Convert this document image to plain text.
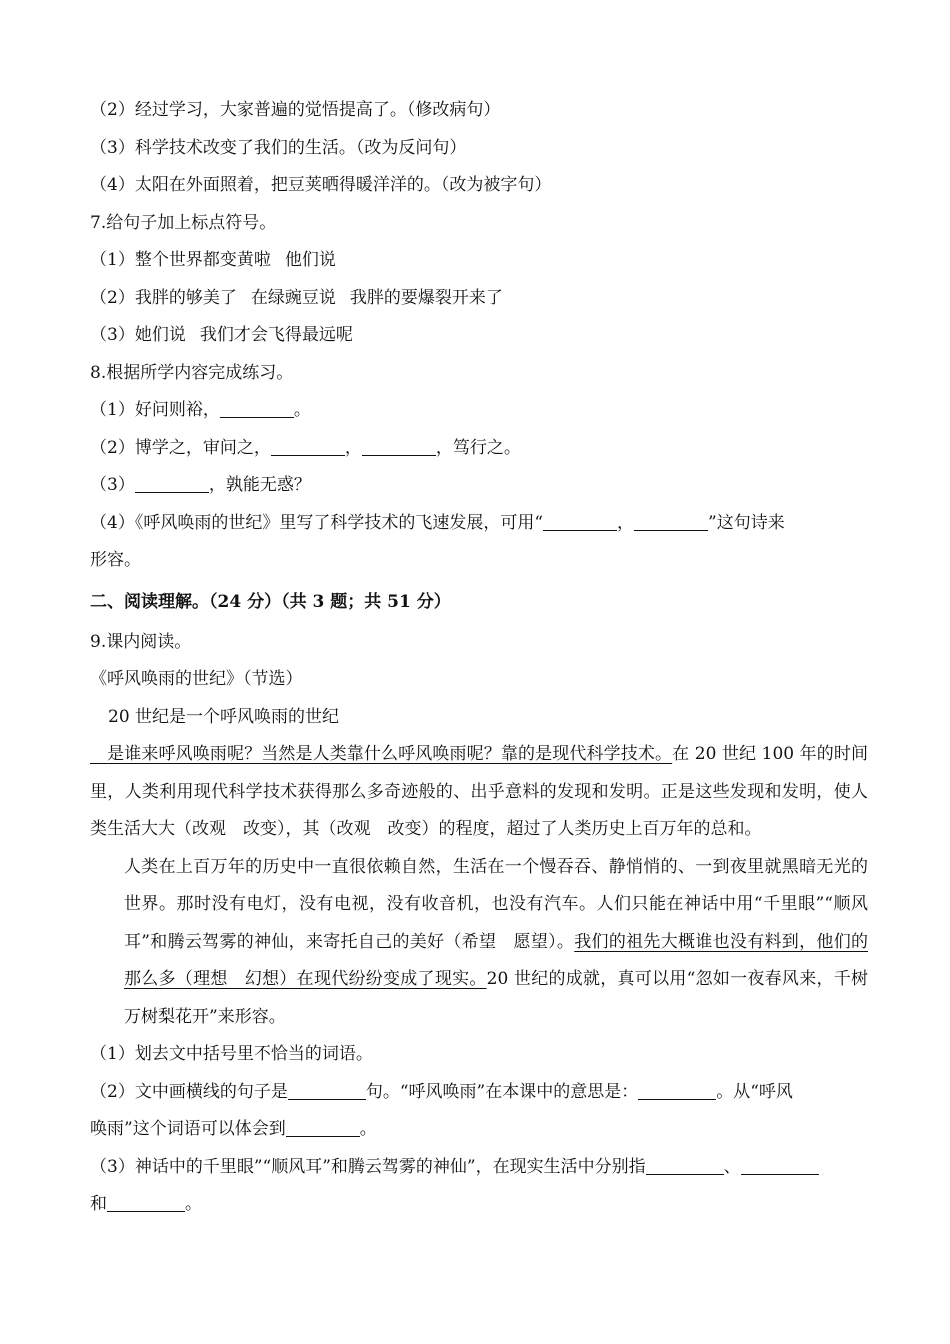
（2）经过学习，大家普遍的觉悟提高了。（修改病句）
（3）科学技术改变了我们的生活。（改为反问句）
（4）太阳在外面照着，把豆荚晒得暖洋洋的。（改为被字句）
7.给句子加上标点符号。
（1）整个世界都变黄啦 他们说
（2）我胖的够美了 在绿豌豆说 我胖的要爆裂开来了
（3）她们说 我们才会飞得最远呢
8.根据所学内容完成练习。
（1）好问则裕，	。
（2）博学之，审问之，	，	，笃行之。
（3）	，孰能无惑？
（4）《呼风唤雨的世纪》里写了科学技术的飞速发展，可用“	，	”这句诗来
形容。
二、阅读理解。（24 分）（共 3 题；共 51 分）
9.课内阅读。
《呼风唤雨的世纪》（节选）
20 世纪是一个呼风唤雨的世纪
　是谁来呼风唤雨呢？当然是人类靠什么呼风唤雨呢？靠的是现代科学技术。在 20 世纪 100 年的时间里，人类利用现代科学技术获得那么多奇迹般的、出乎意料的发现和发明。正是这些发现和发明，使人类生活大大（改观　改变），其（改观　改变）的程度，超过了人类历史上百万年的总和。
人类在上百万年的历史中一直很依赖自然，生活在一个慢吞吞、静悄悄的、一到夜里就黑暗无光的世界。那时没有电灯，没有电视，没有收音机，也没有汽车。人们只能在神话中用“千里眼”“顺风耳”和腾云驾雾的神仙，来寄托自己的美好（希望　愿望）。我们的祖先大概谁也没有料到，他们的那么多（理想　幻想）在现代纷纷变成了现实。20 世纪的成就，真可以用“忽如一夜春风来，千树万树梨花开”来形容。
（1）划去文中括号里不恰当的词语。
（2）文中画横线的句子是	句。“呼风唤雨”在本课中的意思是：	。从“呼风
唤雨”这个词语可以体会到	。
（3）神话中的千里眼”“顺风耳”和腾云驾雾的神仙”，在现实生活中分别指	、
和	。
